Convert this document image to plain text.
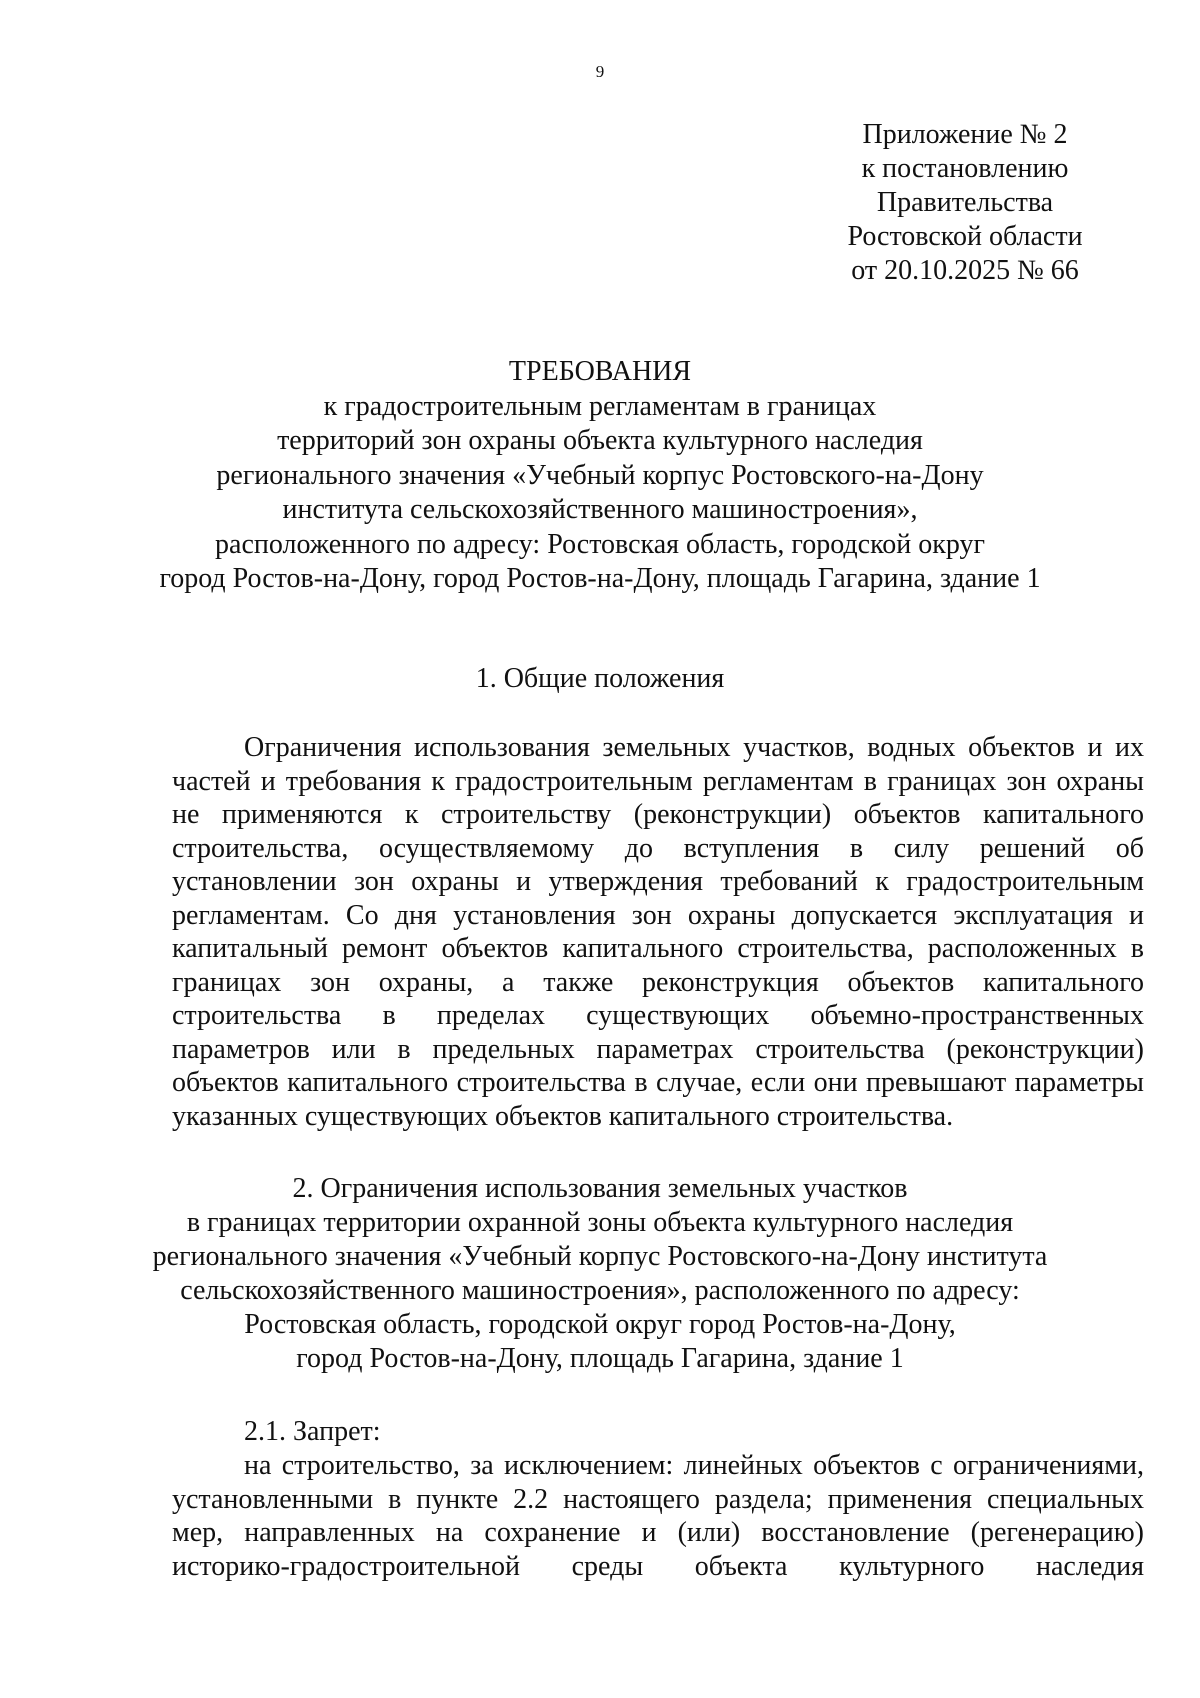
9
Приложение № 2
к постановлению
Правительства
Ростовской области
от 20.10.2025 № 66
ТРЕБОВАНИЯ
к градостроительным регламентам в границах
территорий зон охраны объекта культурного наследия
регионального значения «Учебный корпус Ростовского-на-Дону
института сельскохозяйственного машиностроения»,
расположенного по адресу: Ростовская область, городской округ
город Ростов-на-Дону, город Ростов-на-Дону, площадь Гагарина, здание 1
1. Общие положения

Ограничения использования земельных участков, водных объектов и их частей и требования к градостроительным регламентам в границах зон охраны не применяются к строительству (реконструкции) объектов капитального строительства, осуществляемому до вступления в силу решений об установлении зон охраны и утверждения требований к градостроительным регламентам. Со дня установления зон охраны допускается эксплуатация и капитальный ремонт объектов капитального строительства, расположенных в границах зон охраны, а также реконструкция объектов капитального строительства в пределах существующих объемно-пространственных параметров или в предельных параметрах строительства (реконструкции) объектов капитального строительства в случае, если они превышают параметры указанных существующих объектов капитального строительства.

2. Ограничения использования земельных участков
в границах территории охранной зоны объекта культурного наследия
регионального значения «Учебный корпус Ростовского-на-Дону института
сельскохозяйственного машиностроения», расположенного по адресу:
Ростовская область, городской округ город Ростов-на-Дону,
город Ростов-на-Дону, площадь Гагарина, здание 1
2.1. Запрет:

на строительство, за исключением: линейных объектов с ограничениями, установленными в пункте 2.2 настоящего раздела; применения специальных мер, направленных на сохранение и (или) восстановление (регенерацию) историко-градостроительной среды объекта культурного наследия
